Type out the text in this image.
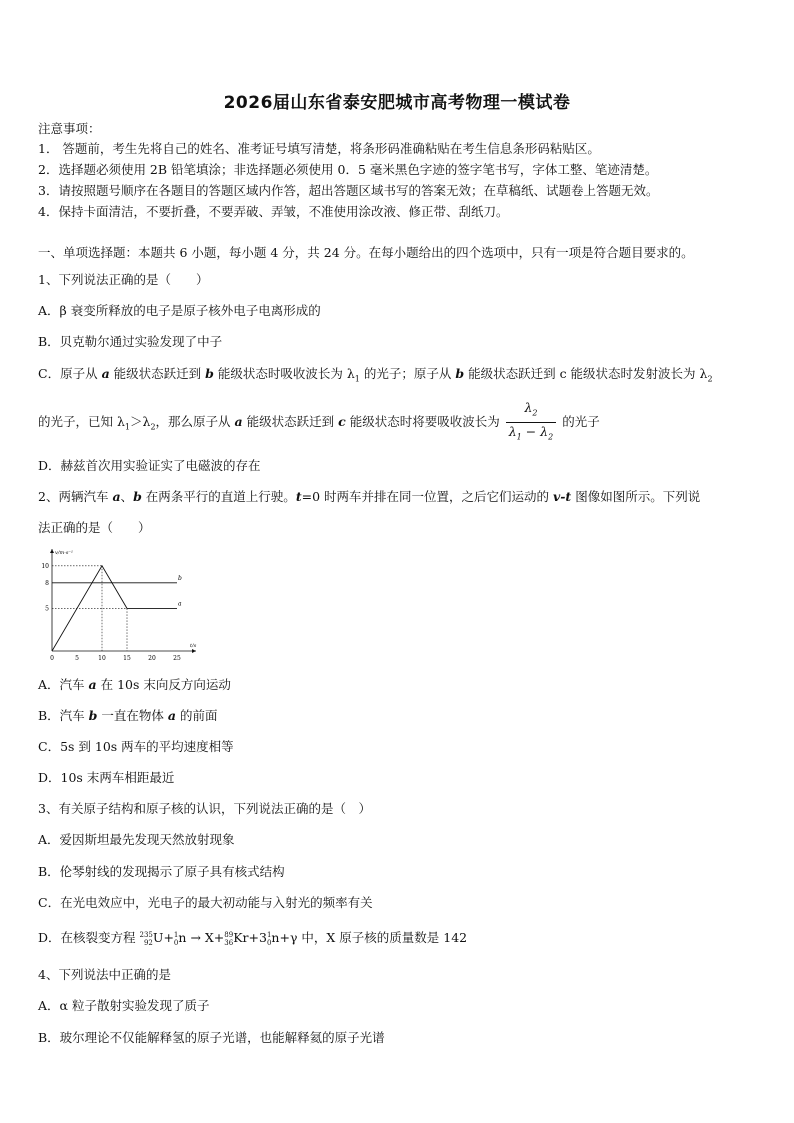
2026届山东省泰安肥城市高考物理一模试卷
注意事项：
1． 答题前，考生先将自己的姓名、准考证号填写清楚，将条形码准确粘贴在考生信息条形码粘贴区。
2．选择题必须使用 2B 铅笔填涂；非选择题必须使用 0．5 毫米黑色字迹的签字笔书写，字体工整、笔迹清楚。
3．请按照题号顺序在各题目的答题区域内作答，超出答题区域书写的答案无效；在草稿纸、试题卷上答题无效。
4．保持卡面清洁，不要折叠，不要弄破、弄皱，不准使用涂改液、修正带、刮纸刀。
一、单项选择题：本题共 6 小题，每小题 4 分，共 24 分。在每小题给出的四个选项中，只有一项是符合题目要求的。
1、下列说法正确的是（　　）
A．β 衰变所释放的电子是原子核外电子电离形成的
B．贝克勒尔通过实验发现了中子
C．原子从 a 能级状态跃迁到 b 能级状态时吸收波长为 $\lambda_1$ 的光子；原子从 b 能级状态跃迁到 c 能级状态时发射波长为 $\lambda_2$
的光子，已知 $\lambda_1>\lambda_2$，那么原子从 a 能级状态跃迁到 c 能级状态时将要吸收波长为 $\frac{\lambda_2}{\lambda_1 - \lambda_2}$ 的光子
D．赫兹首次用实验证实了电磁波的存在
2、两辆汽车 a、b 在两条平行的直道上行驶。t=0 时两车并排在同一位置，之后它们运动的 v-t 图像如图所示。下列说
法正确的是（　　）
v/m·s⁻¹
t/s
0	5	10	15	20	25
5
8
10
a
b
A．汽车 a 在 10s 末向反方向运动
B．汽车 b 一直在物体 a 的前面
C．5s 到 10s 两车的平均速度相等
D．10s 末两车相距最近
3、有关原子结构和原子核的认识，下列说法正确的是（　）
A．爱因斯坦最先发现天然放射现象
B．伦琴射线的发现揭示了原子具有核式结构
C．在光电效应中，光电子的最大初动能与入射光的频率有关
D．在核裂变方程 235
92 U+ 1
0 n → X+ 89
36 Kr+3 1
0 n+γ 中，X 原子核的质量数是 142
4、下列说法中正确的是
A．α 粒子散射实验发现了质子
B．玻尔理论不仅能解释氢的原子光谱，也能解释氦的原子光谱
